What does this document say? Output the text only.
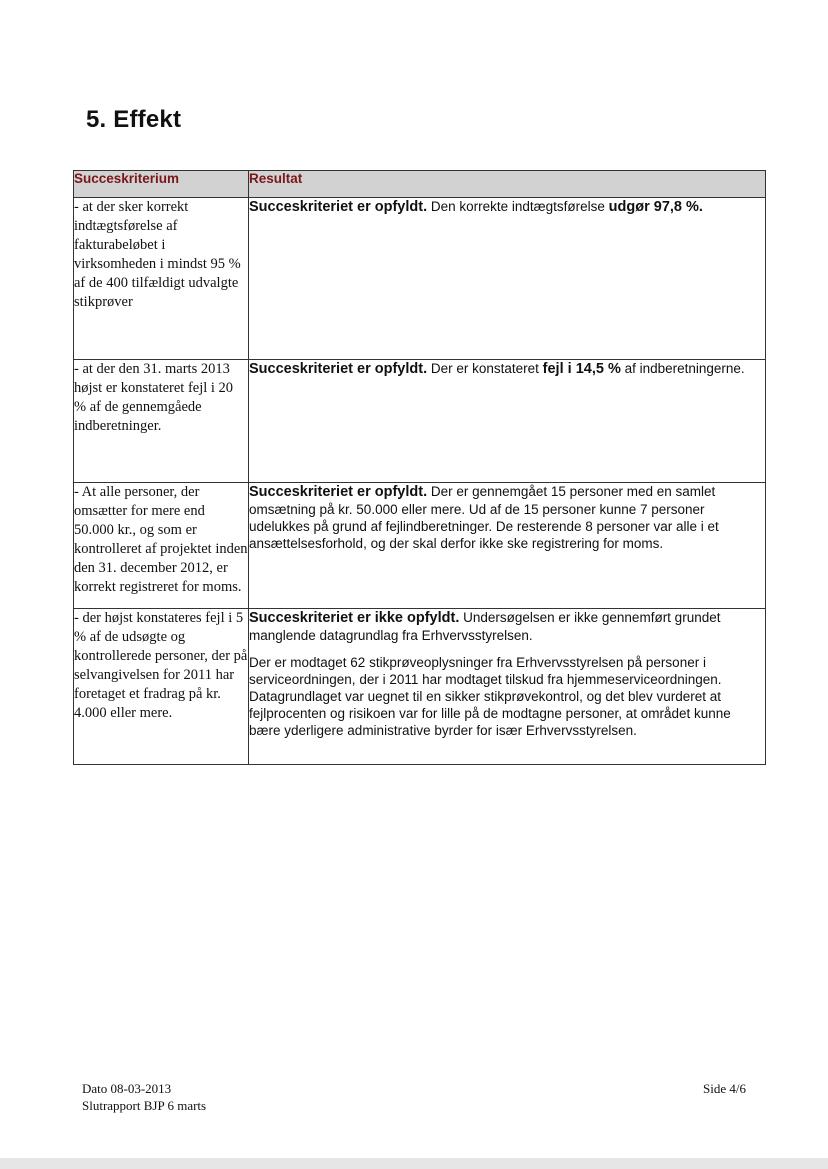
5. Effekt
Succeskriterium	Resultat
- at der sker korrekt indtægtsførelse af fakturabeløbet i virksomheden i mindst 95 % af de 400 tilfældigt udvalgte stikprøver	Succeskriteriet er opfyldt. Den korrekte indtægtsførelse udgør 97,8 %.

- at der den 31. marts 2013 højst er konstateret fejl i 20 % af de gennemgåede indberetninger.	Succeskriteriet er opfyldt. Der er konstateret fejl i 14,5 % af indberetningerne.

- At alle personer, der omsætter for mere end 50.000 kr., og som er kontrolleret af projektet inden den 31. december 2012, er korrekt registreret for moms.	Succeskriteriet er opfyldt. Der er gennemgået 15 personer med en samlet omsætning på kr. 50.000 eller mere. Ud af de 15 personer kunne 7 personer udelukkes på grund af fejlindberetninger. De resterende 8 personer var alle i et ansættelsesforhold, og der skal derfor ikke ske registrering for moms.

- der højst konstateres fejl i 5 % af de udsøgte og kontrollerede personer, der på selvangivelsen for 2011 har foretaget et fradrag på kr. 4.000 eller mere.	Succeskriteriet er ikke opfyldt. Undersøgelsen er ikke gennemført grundet manglende datagrundlag fra Erhvervsstyrelsen.

Der er modtaget 62 stikprøveoplysninger fra Erhvervsstyrelsen på personer i serviceordningen, der i 2011 har modtaget tilskud fra hjemmeserviceordningen. Datagrundlaget var uegnet til en sikker stikprøvekontrol, og det blev vurderet at fejlprocenten og risikoen var for lille på de modtagne personer, at området kunne bære yderligere administrative byrder for især Erhvervsstyrelsen.

Dato 08-03-2013
Slutrapport BJP 6 marts
Side 4/6
